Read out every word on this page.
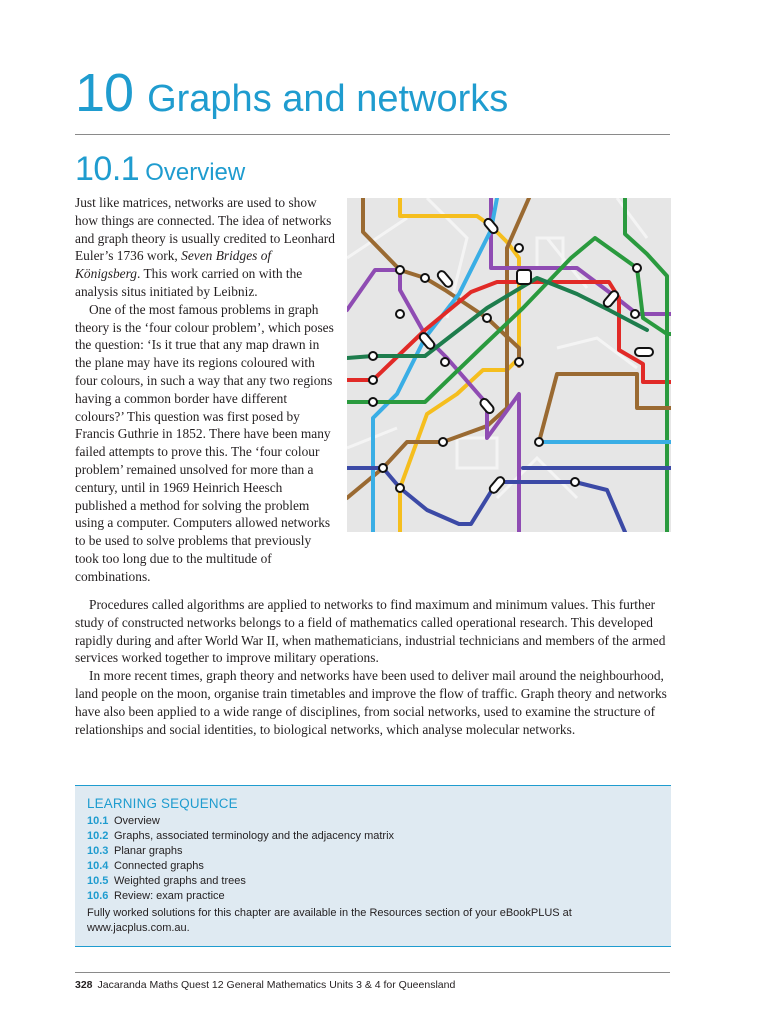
10 Graphs and networks
10.1 Overview

Just like matrices, networks are used to show how things are connected. The idea of networks and graph theory is usually credited to Leonhard Euler’s 1736 work, Seven Bridges of Königsberg. This work carried on with the analysis situs initiated by Leibniz.

One of the most famous problems in graph theory is the ‘four colour problem’, which poses the question: ‘Is it true that any map drawn in the plane may have its regions coloured with four colours, in such a way that any two regions having a common border have different colours?’ This question was first posed by Francis Guthrie in 1852. There have been many failed attempts to prove this. The ‘four colour problem’ remained unsolved for more than a century, until in 1969 Heinrich Heesch published a method for solving the problem using a computer. Computers allowed networks to be used to solve problems that previously took too long due to the multitude of combinations.

Procedures called algorithms are applied to networks to find maximum and minimum values. This further study of constructed networks belongs to a field of mathematics called operational research. This developed rapidly during and after World War II, when mathematicians, industrial technicians and members of the armed services worked together to improve military operations.

In more recent times, graph theory and networks have been used to deliver mail around the neighbourhood, land people on the moon, organise train timetables and improve the flow of traffic. Graph theory and networks have also been applied to a wide range of disciplines, from social networks, used to examine the structure of relationships and social identities, to biological networks, which analyse molecular networks.

LEARNING SEQUENCE
10.1 Overview
10.2 Graphs, associated terminology and the adjacency matrix
10.3 Planar graphs
10.4 Connected graphs
10.5 Weighted graphs and trees
10.6 Review: exam practice
Fully worked solutions for this chapter are available in the Resources section of your eBookPLUS at www.jacplus.com.au.
328 Jacaranda Maths Quest 12 General Mathematics Units 3 & 4 for Queensland
